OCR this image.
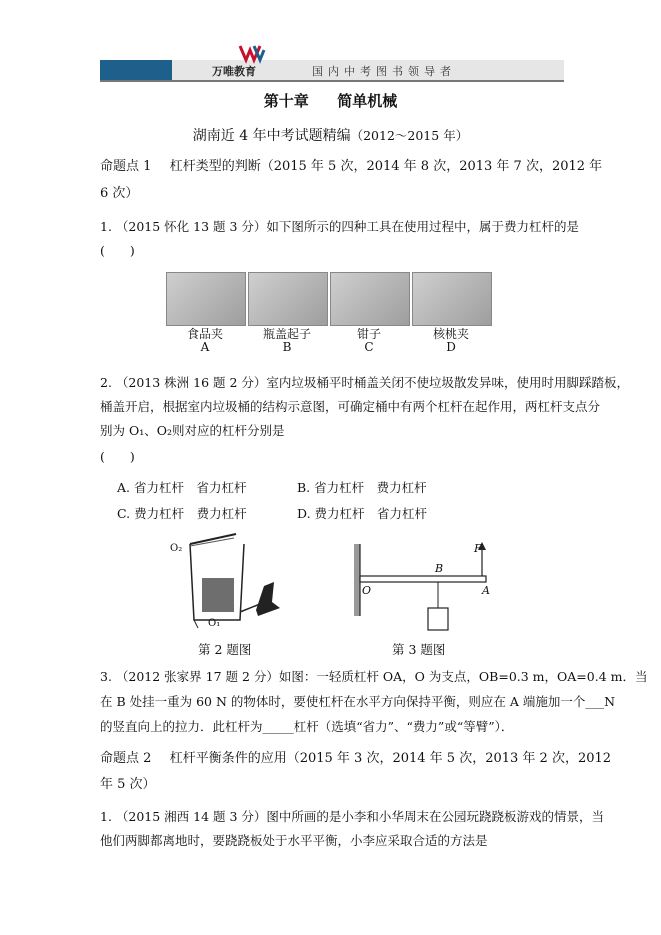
万唯教育	国内中考图书领导者
第十章 简单机械
湖南近 4 年中考试题精编（2012～2015 年）
命题点 1 杠杆类型的判断（2015 年 5 次，2014 年 8 次，2013 年 7 次，2012 年
6 次）
1. （2015 怀化 13 题 3 分）如下图所示的四种工具在使用过程中，属于费力杠杆的是
(　　)
食品夹
A
瓶盖起子
B
钳子
C
核桃夹
D
2. （2013 株洲 16 题 2 分）室内垃圾桶平时桶盖关闭不使垃圾散发异味，使用时用脚踩踏板，
桶盖开启，根据室内垃圾桶的结构示意图，可确定桶中有两个杠杆在起作用，两杠杆支点分
别为 O₁、O₂则对应的杠杆分别是
(　　)
A. 省力杠杆　省力杠杆	B. 省力杠杆　费力杠杆
C. 费力杠杆　费力杠杆	D. 费力杠杆　省力杠杆
O₂
O₁
第 2 题图
F
B
O	A
第 3 题图
3. （2012 张家界 17 题 2 分）如图：一轻质杠杆 OA，O 为支点，OB=0.3 m，OA=0.4 m．当
在 B 处挂一重为 60 N 的物体时，要使杠杆在水平方向保持平衡，则应在 A 端施加一个___N
的竖直向上的拉力．此杠杆为_____杠杆（选填“省力”、“费力”或“等臂”）．
命题点 2 杠杆平衡条件的应用（2015 年 3 次，2014 年 5 次，2013 年 2 次，2012
年 5 次）
1. （2015 湘西 14 题 3 分）图中所画的是小李和小华周末在公园玩跷跷板游戏的情景，当
他们两脚都离地时，要跷跷板处于水平平衡，小李应采取合适的方法是
